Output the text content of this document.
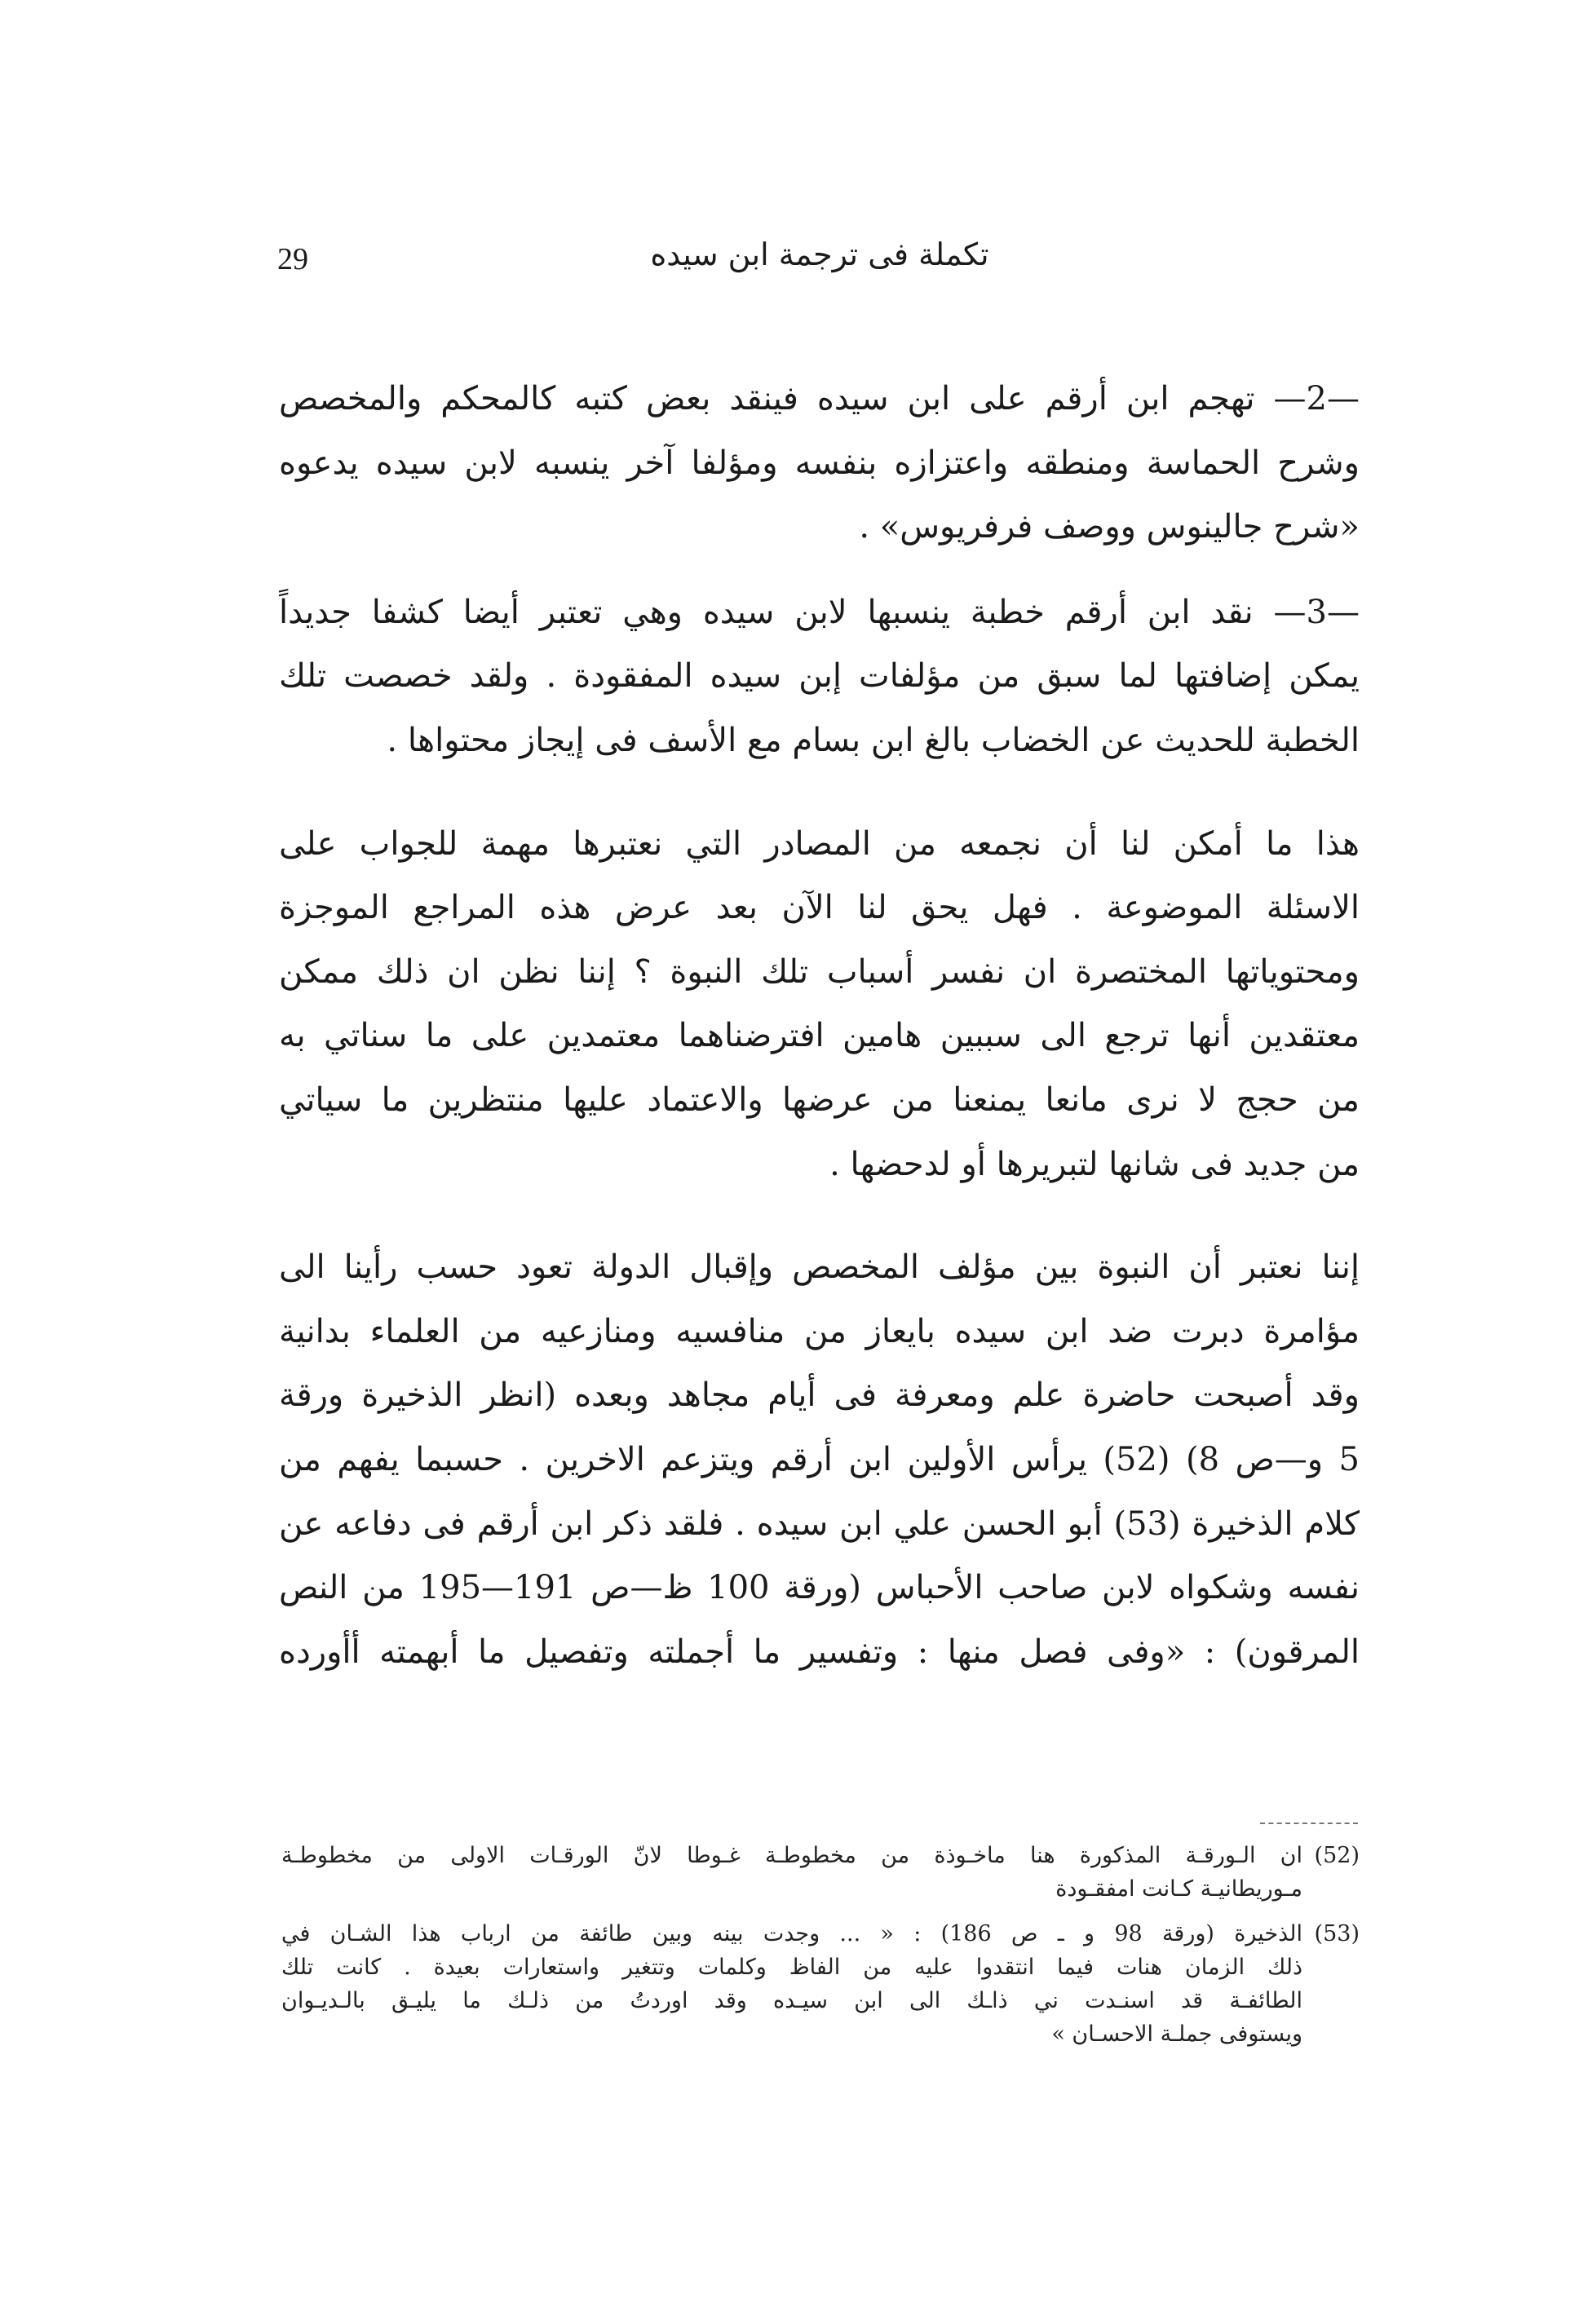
29	تكملة فى ترجمة ابن سيده

—2— تهجم ابن أرقم على ابن سيده فينقد بعض كتبه كالمحكم والمخصص
وشرح الحماسة ومنطقه واعتزازه بنفسه ومؤلفا آخر ينسبه لابن سيده يدعوه
«شرح جالينوس ووصف فرفريوس» .

—3— نقد ابن أرقم خطبة ينسبها لابن سيده وهي تعتبر أيضا كشفا جديداً
يمكن إضافتها لما سبق من مؤلفات إبن سيده المفقودة . ولقد خصصت تلك
الخطبة للحديث عن الخضاب بالغ ابن بسام مع الأسف فى إيجاز محتواها .

هذا ما أمكن لنا أن نجمعه من المصادر التي نعتبرها مهمة للجواب على
الاسئلة الموضوعة . فهل يحق لنا الآن بعد عرض هذه المراجع الموجزة
ومحتوياتها المختصرة ان نفسر أسباب تلك النبوة ؟ إننا نظن ان ذلك ممكن
معتقدين أنها ترجع الى سببين هامين افترضناهما معتمدين على ما سناتي به
من حجج لا نرى مانعا يمنعنا من عرضها والاعتماد عليها منتظرين ما سياتي
من جديد فى شانها لتبريرها أو لدحضها .

إننا نعتبر أن النبوة بين مؤلف المخصص وإقبال الدولة تعود حسب رأينا الى
مؤامرة دبرت ضد ابن سيده بايعاز من منافسيه ومنازعيه من العلماء بدانية
وقد أصبحت حاضرة علم ومعرفة فى أيام مجاهد وبعده (انظر الذخيرة ورقة
5 و—ص 8) (52) يرأس الأولين ابن أرقم ويتزعم الاخرين . حسبما يفهم من
كلام الذخيرة (53) أبو الحسن علي ابن سيده . فلقد ذكر ابن أرقم فى دفاعه عن
نفسه وشكواه لابن صاحب الأحباس (ورقة 100 ظ—ص 191—195 من النص
المرقون) : «وفى فصل منها : وتفسير ما أجملته وتفصيل ما أبهمته أأورده

(52)
ان الـورقـة المذكورة هنا ماخـوذة من مخطوطـة غـوطا لانّ الورقـات الاولى من مخطوطـة
مـوريطانيـة كـانت امفقـودة
(53)
الذخيرة (ورقة 98 و ـ ص 186) : « ... وجدت بينه وبين طائفة من ارباب هذا الشـان في
ذلك الزمان هنات فيما انتقدوا عليه من الفاظ وكلمات وتتغير واستعارات بعيدة . كانت تلك
الطائفـة قد اسنـدت ني ذاـك الى ابن سيـده وقد اوردتُ من ذلـك ما يليـق بالـديـوان
ويستوفى جملـة الاحسـان »
